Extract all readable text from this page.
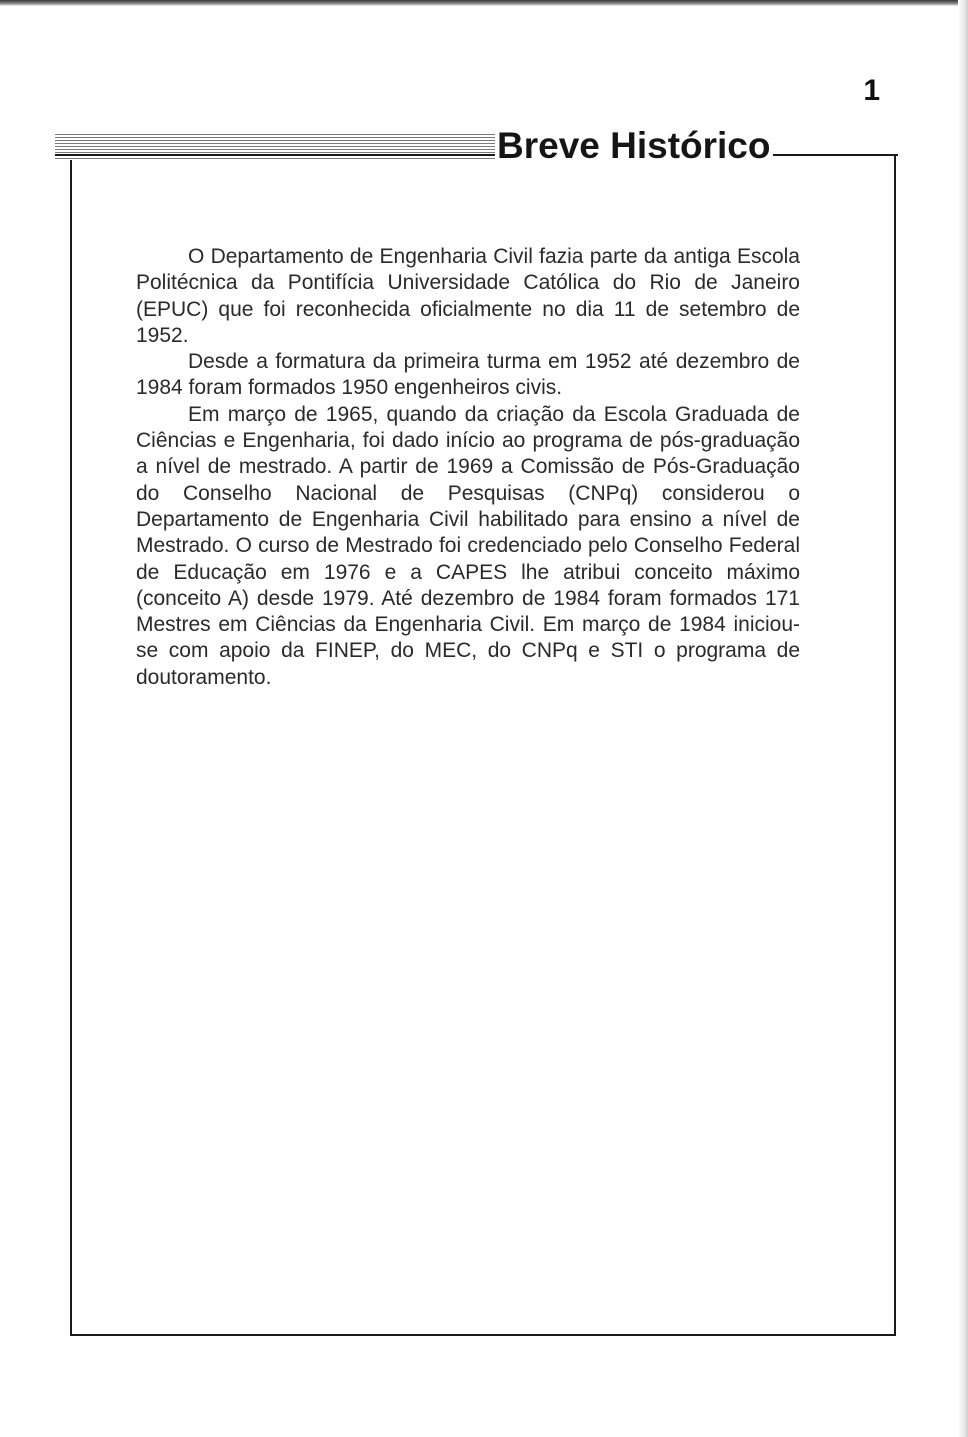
1
Breve Histórico

O Departamento de Engenharia Civil fazia parte da antiga Escola Politécnica da Pontifícia Universidade Católica do Rio de Janeiro (EPUC) que foi reconhecida oficialmente no dia 11 de setembro de 1952.

Desde a formatura da primeira turma em 1952 até dezembro de 1984 foram formados 1950 engenheiros civis.

Em março de 1965, quando da criação da Escola Graduada de Ciências e Engenharia, foi dado início ao programa de pós-graduação a nível de mestrado. A partir de 1969 a Comissão de Pós-Graduação do Conselho Nacional de Pesquisas (CNPq) considerou o Departamento de Engenharia Civil habilitado para ensino a nível de Mestrado. O curso de Mestrado foi credenciado pelo Conselho Federal de Educação em 1976 e a CAPES lhe atribui conceito máximo (conceito A) desde 1979. Até dezembro de 1984 foram formados 171 Mestres em Ciências da Engenharia Civil. Em março de 1984 iniciou-se com apoio da FINEP, do MEC, do CNPq e STI o programa de doutoramento.
